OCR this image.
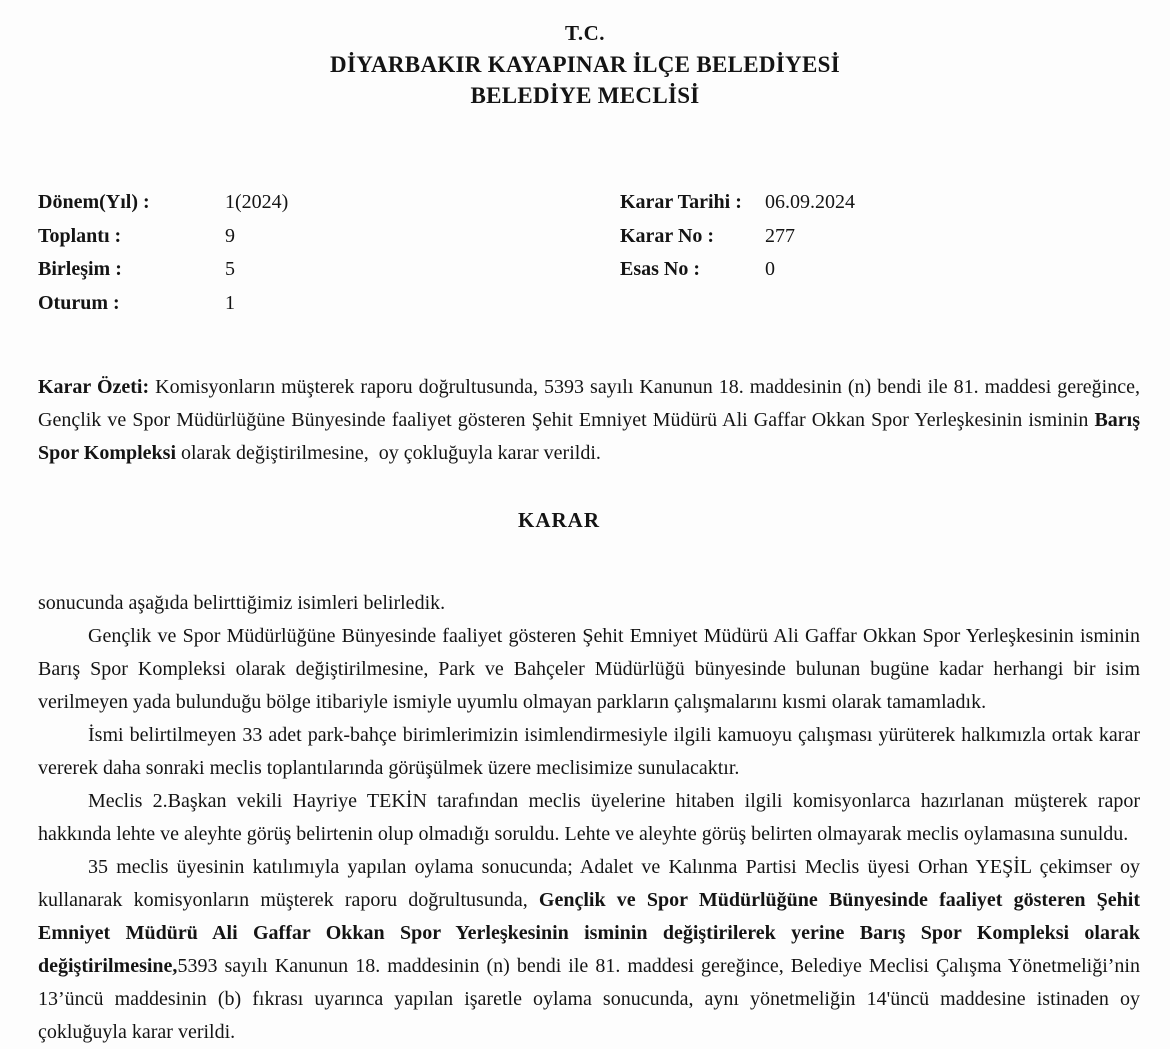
T.C.
DİYARBAKIR KAYAPINAR İLÇE BELEDİYESİ
BELEDİYE MECLİSİ
Dönem(Yıl) :	1(2024)
Toplantı :	9
Birleşim :	5
Oturum :	1
Karar Tarihi :	06.09.2024
Karar No :	277
Esas No :	0

Karar Özeti: Komisyonların müşterek raporu doğrultusunda, 5393 sayılı Kanunun 18. maddesinin (n) bendi ile 81. maddesi gereğince, Gençlik ve Spor Müdürlüğüne Bünyesinde faaliyet gösteren Şehit Emniyet Müdürü Ali Gaffar Okkan Spor Yerleşkesinin isminin Barış Spor Kompleksi olarak değiştirilmesine,  oy çokluğuyla karar verildi.

KARAR

sonucunda aşağıda belirttiğimiz isimleri belirledik.

Gençlik ve Spor Müdürlüğüne Bünyesinde faaliyet gösteren Şehit Emniyet Müdürü Ali Gaffar Okkan Spor Yerleşkesinin isminin Barış Spor Kompleksi olarak değiştirilmesine, Park ve Bahçeler Müdürlüğü bünyesinde bulunan bugüne kadar herhangi bir isim verilmeyen yada bulunduğu bölge itibariyle ismiyle uyumlu olmayan parkların çalışmalarını kısmi olarak tamamladık.

İsmi belirtilmeyen 33 adet park-bahçe birimlerimizin isimlendirmesiyle ilgili kamuoyu çalışması yürüterek halkımızla ortak karar vererek daha sonraki meclis toplantılarında görüşülmek üzere meclisimize sunulacaktır.

Meclis 2.Başkan vekili Hayriye TEKİN tarafından meclis üyelerine hitaben ilgili komisyonlarca hazırlanan müşterek rapor hakkında lehte ve aleyhte görüş belirtenin olup olmadığı soruldu. Lehte ve aleyhte görüş belirten olmayarak meclis oylamasına sunuldu.

35 meclis üyesinin katılımıyla yapılan oylama sonucunda; Adalet ve Kalınma Partisi Meclis üyesi Orhan YEŞİL çekimser oy kullanarak komisyonların müşterek raporu doğrultusunda, Gençlik ve Spor Müdürlüğüne Bünyesinde faaliyet gösteren Şehit Emniyet Müdürü Ali Gaffar Okkan Spor Yerleşkesinin isminin değiştirilerek yerine Barış Spor Kompleksi olarak değiştirilmesine,5393 sayılı Kanunun 18. maddesinin (n) bendi ile 81. maddesi gereğince, Belediye Meclisi Çalışma Yönetmeliği’nin 13’üncü maddesinin (b) fıkrası uyarınca yapılan işaretle oylama sonucunda, aynı yönetmeliğin 14'üncü maddesine istinaden oy çokluğuyla karar verildi.
